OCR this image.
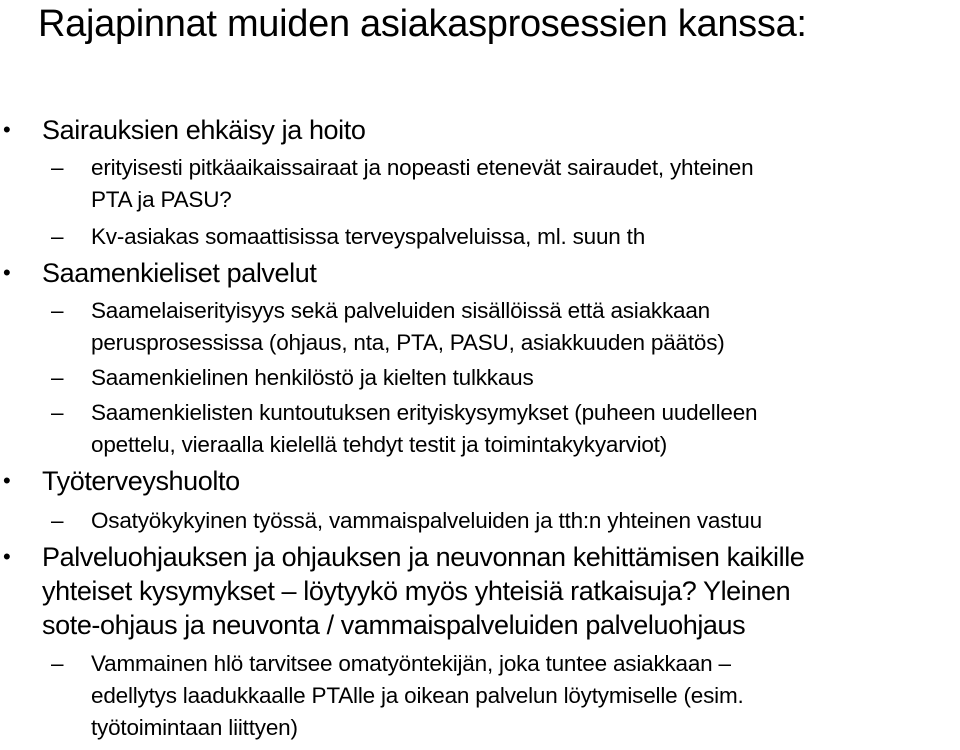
Rajapinnat muiden asiakasprosessien kanssa:
• Sairauksien ehkäisy ja hoito
– erityisesti pitkäaikaissairaat ja nopeasti etenevät sairaudet, yhteinen
PTA ja PASU?
– Kv-asiakas somaattisissa terveyspalveluissa, ml. suun th
• Saamenkieliset palvelut
– Saamelaiserityisyys sekä palveluiden sisällöissä että asiakkaan
perusprosessissa (ohjaus, nta, PTA, PASU, asiakkuuden päätös)
– Saamenkielinen henkilöstö ja kielten tulkkaus
– Saamenkielisten kuntoutuksen erityiskysymykset (puheen uudelleen
opettelu, vieraalla kielellä tehdyt testit ja toimintakykyarviot)
• Työterveyshuolto
– Osatyökykyinen työssä, vammaispalveluiden ja tth:n yhteinen vastuu
• Palveluohjauksen ja ohjauksen ja neuvonnan kehittämisen kaikille
yhteiset kysymykset – löytyykö myös yhteisiä ratkaisuja? Yleinen
sote-ohjaus ja neuvonta / vammaispalveluiden palveluohjaus
– Vammainen hlö tarvitsee omatyöntekijän, joka tuntee asiakkaan –
edellytys laadukkaalle PTAlle ja oikean palvelun löytymiselle (esim.
työtoimintaan liittyen)
